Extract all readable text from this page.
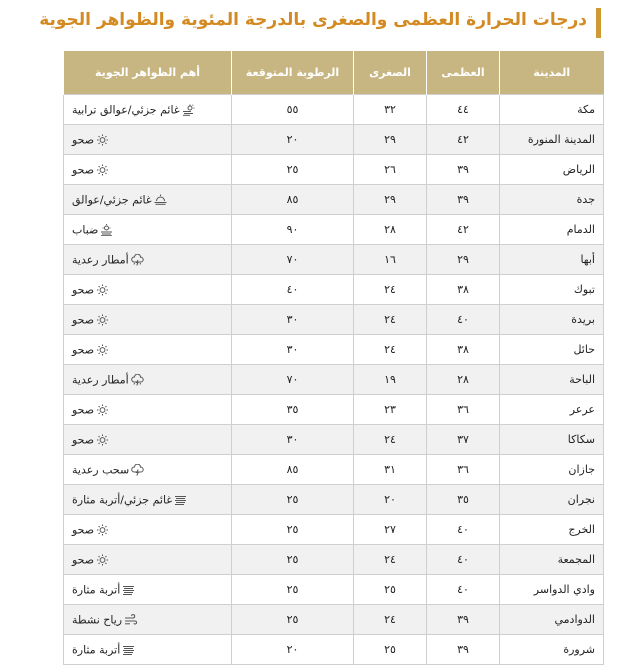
درجات الحرارة العظمى والصغرى بالدرجة المئوية والظواهر الجوية
المدينة	العظمى	الصغرى	الرطوبة المتوقعة	أهم الظواهر الجوية
مكة	٤٤	٣٢	٥٥	غائم جزئي/عوالق ترابية
المدينة المنورة	٤٢	٢٩	٢٠	صحو
الرياض	٣٩	٢٦	٢٥	صحو
جدة	٣٩	٢٩	٨٥	غائم جزئي/عوالق
الدمام	٤٢	٢٨	٩٠	ضباب
أبها	٢٩	١٦	٧٠	أمطار رعدية
تبوك	٣٨	٢٤	٤٠	صحو
بريدة	٤٠	٢٤	٣٠	صحو
حائل	٣٨	٢٤	٣٠	صحو
الباحة	٢٨	١٩	٧٠	أمطار رعدية
عرعر	٣٦	٢٣	٣٥	صحو
سكاكا	٣٧	٢٤	٣٠	صحو
جازان	٣٦	٣١	٨٥	سحب رعدية
نجران	٣٥	٢٠	٢٥	غائم جزئي/أتربة مثارة
الخرج	٤٠	٢٧	٢٥	صحو
المجمعة	٤٠	٢٤	٢٥	صحو
وادي الدواسر	٤٠	٢٥	٢٥	أتربة مثارة
الدوادمي	٣٩	٢٤	٢٥	رياح نشطة
شرورة	٣٩	٢٥	٢٠	أتربة مثارة
